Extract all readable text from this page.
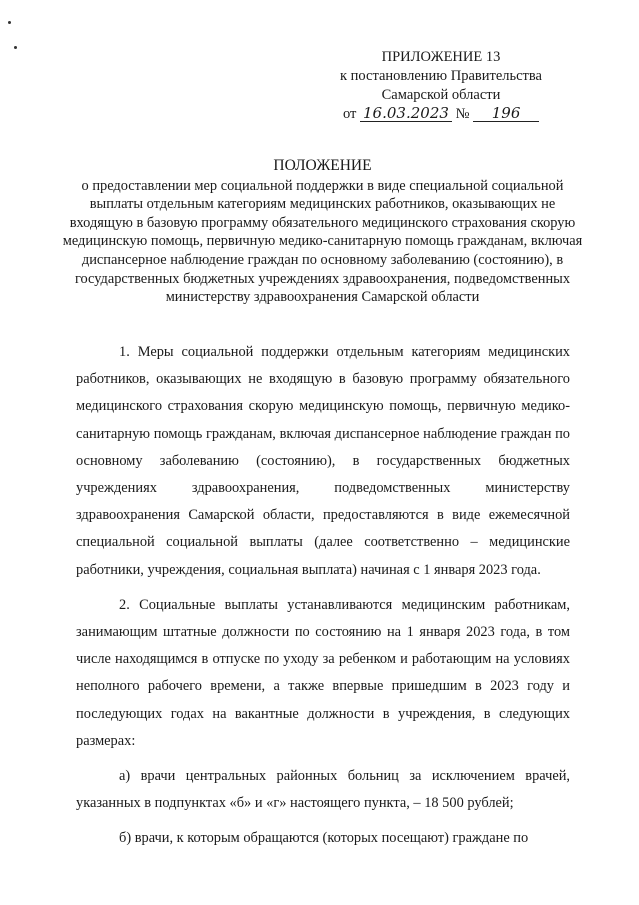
ПРИЛОЖЕНИЕ 13
к постановлению Правительства
Самарской области
от 16.03.2023 № 196
ПОЛОЖЕНИЕ
о предоставлении мер социальной поддержки в виде специальной социальной выплаты отдельным категориям медицинских работников, оказывающих не входящую в базовую программу обязательного медицинского страхования скорую медицинскую помощь, первичную медико-санитарную помощь гражданам, включая диспансерное наблюдение граждан по основному заболеванию (состоянию), в государственных бюджетных учреждениях здравоохранения, подведомственных министерству здравоохранения Самарской области

1. Меры социальной поддержки отдельным категориям медицинских работников, оказывающих не входящую в базовую программу обязательного медицинского страхования скорую медицинскую помощь, первичную медико-санитарную помощь гражданам, включая диспансерное наблюдение граждан по основному заболеванию (состоянию), в государственных бюджетных учреждениях здравоохранения, подведомственных министерству здравоохранения Самарской области, предоставляются в виде ежемесячной специальной социальной выплаты (далее соответственно – медицинские работники, учреждения, социальная выплата) начиная с 1 января 2023 года.

2. Социальные выплаты устанавливаются медицинским работникам, занимающим штатные должности по состоянию на 1 января 2023 года, в том числе находящимся в отпуске по уходу за ребенком и работающим на условиях неполного рабочего времени, а также впервые пришедшим в 2023 году и последующих годах на вакантные должности в учреждения, в следующих размерах:

а) врачи центральных районных больниц за исключением врачей, указанных в подпунктах «б» и «г» настоящего пункта, – 18 500 рублей;

б) врачи, к которым обращаются (которых посещают) граждане по
